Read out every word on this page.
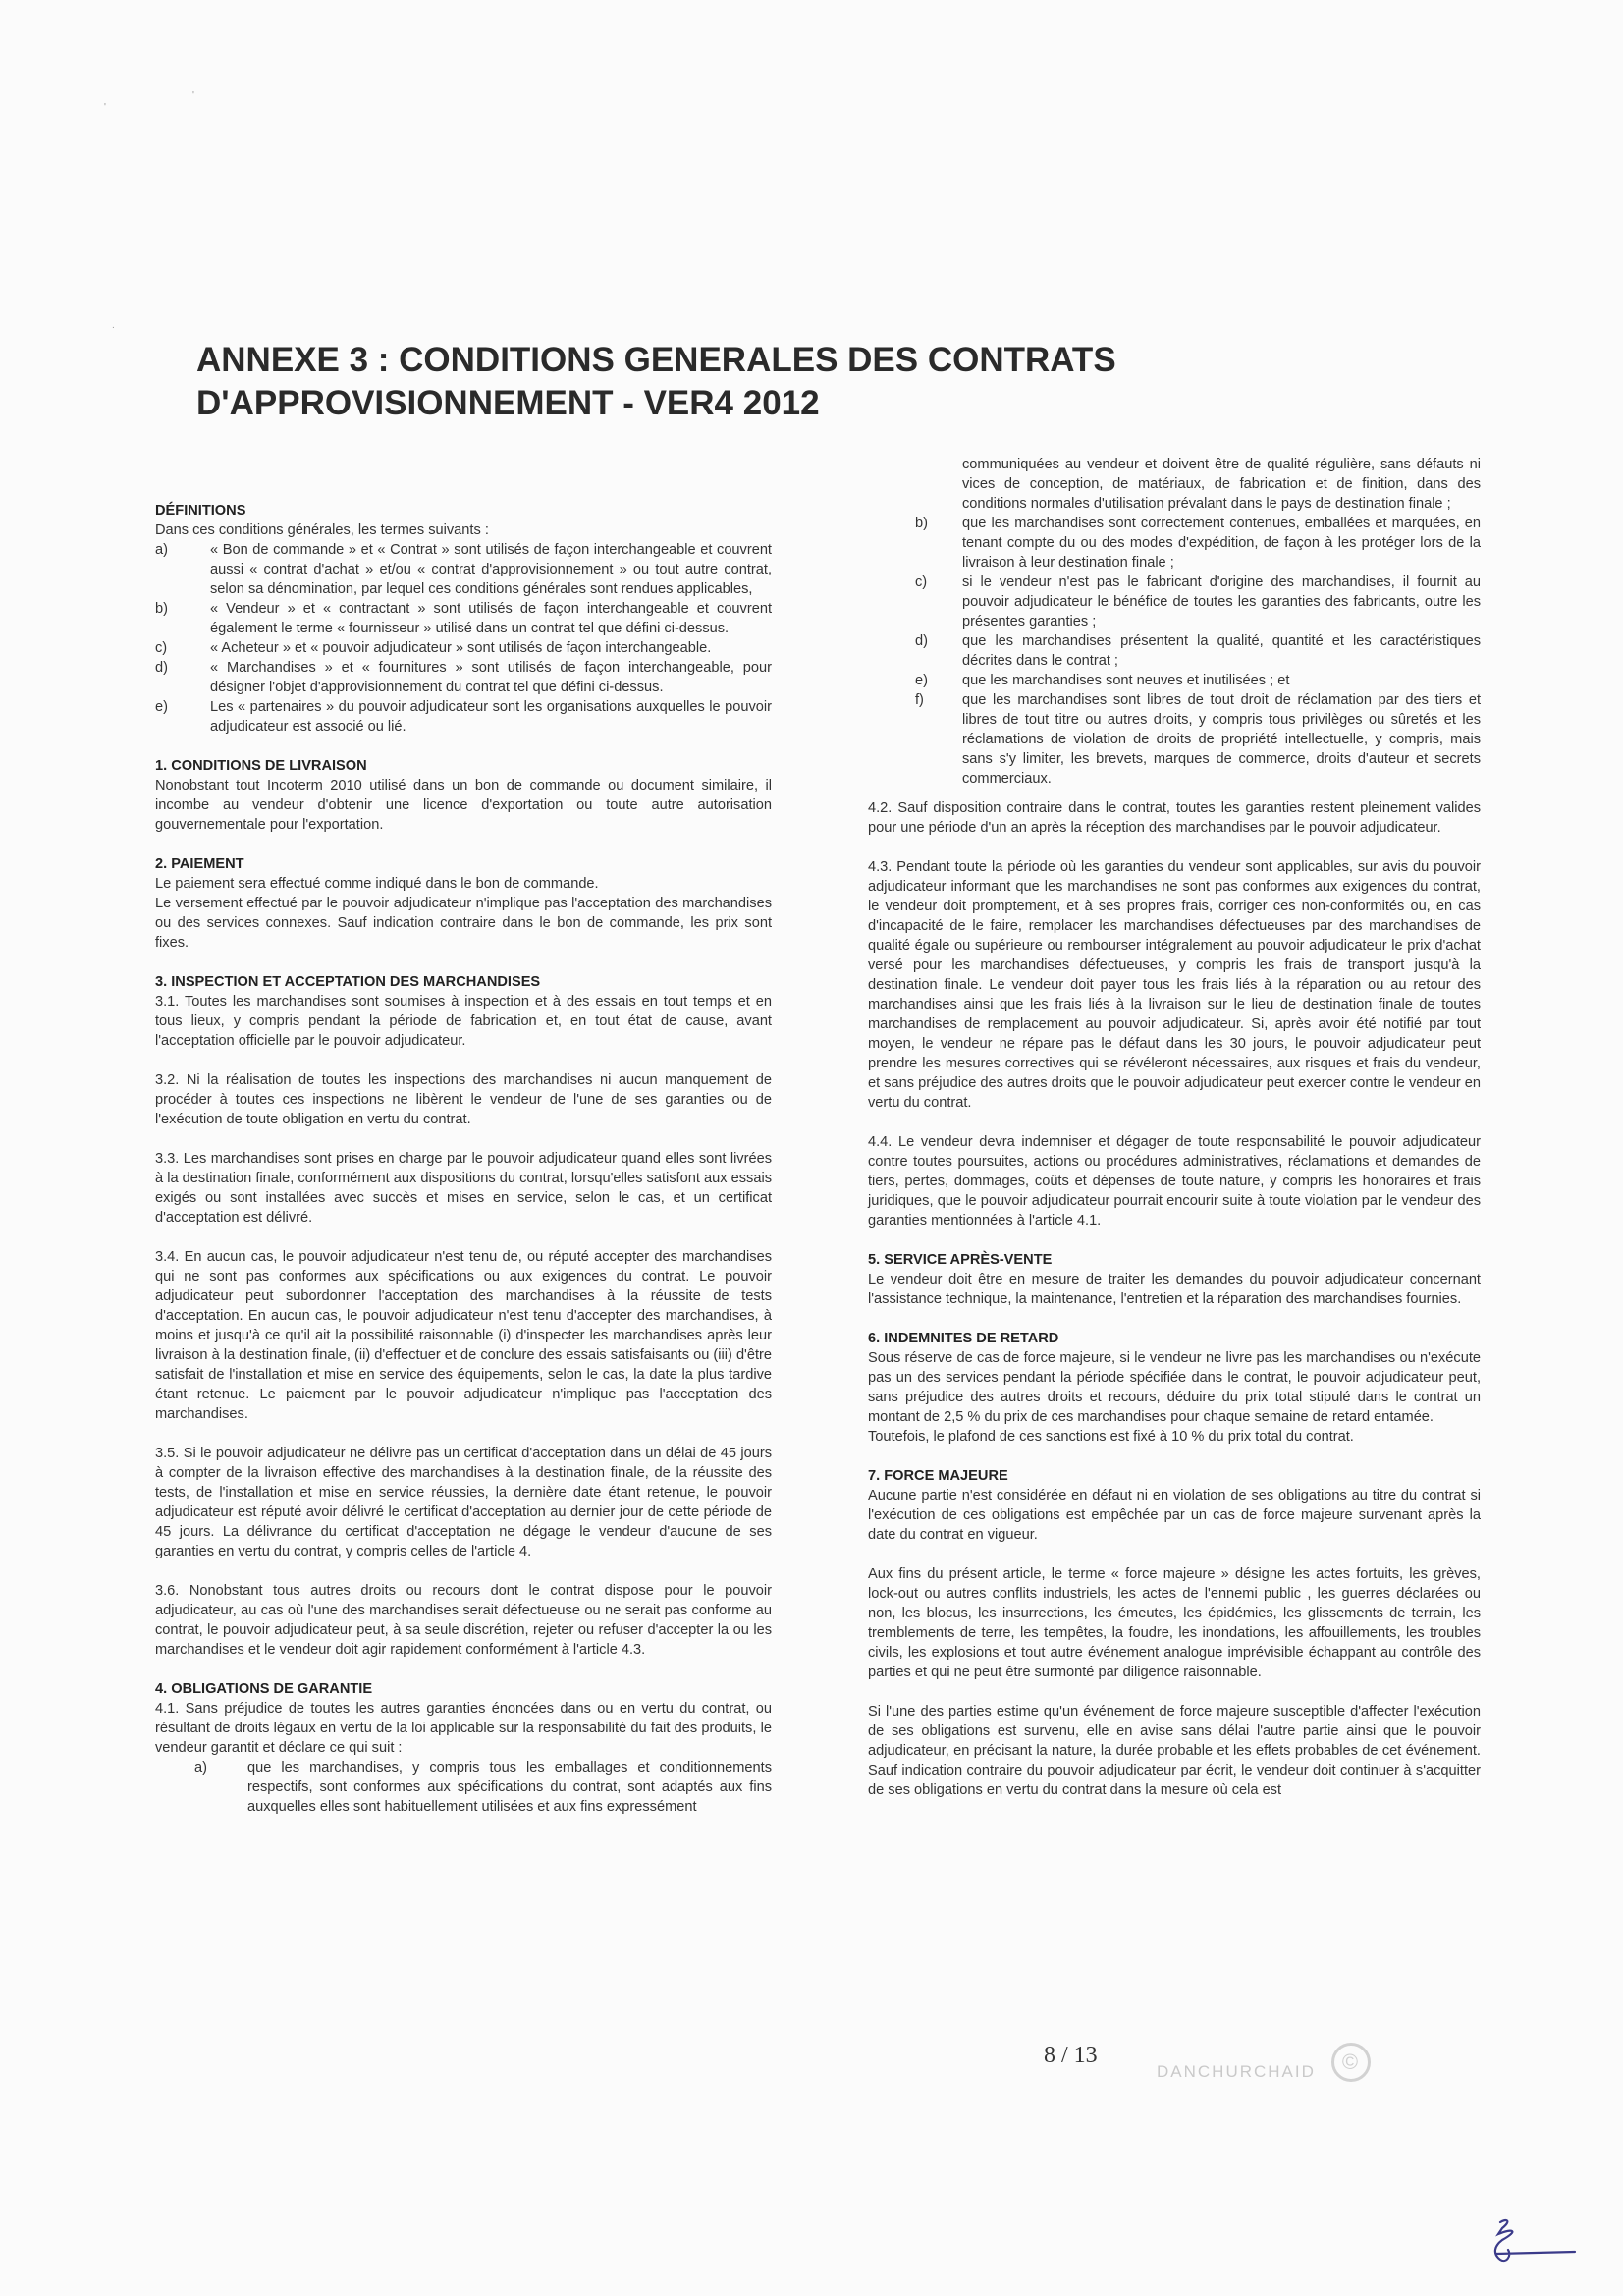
'
'
.
ANNEXE 3 : CONDITIONS GENERALES DES CONTRATS
D'APPROVISIONNEMENT - VER4 2012
DÉFINITIONS

Dans ces conditions générales, les termes suivants :

a)	« Bon de commande » et « Contrat » sont utilisés de façon interchangeable et couvrent aussi « contrat d'achat » et/ou « contrat d'approvisionnement » ou tout autre contrat, selon sa dénomination, par lequel ces conditions générales sont rendues applicables,
b)	« Vendeur » et « contractant » sont utilisés de façon interchangeable et couvrent également le terme « fournisseur » utilisé dans un contrat tel que défini ci-dessus.
c)	« Acheteur » et « pouvoir adjudicateur » sont utilisés de façon interchangeable.
d)	« Marchandises » et « fournitures » sont utilisés de façon interchangeable, pour désigner l'objet d'approvisionnement du contrat tel que défini ci-dessus.
e)	Les « partenaires » du pouvoir adjudicateur sont les organisations auxquelles le pouvoir adjudicateur est associé ou lié.
1. CONDITIONS DE LIVRAISON

Nonobstant tout Incoterm 2010 utilisé dans un bon de commande ou document similaire, il incombe au vendeur d'obtenir une licence d'exportation ou toute autre autorisation gouvernementale pour l'exportation.

2. PAIEMENT

Le paiement sera effectué comme indiqué dans le bon de commande.

Le versement effectué par le pouvoir adjudicateur n'implique pas l'acceptation des marchandises ou des services connexes. Sauf indication contraire dans le bon de commande, les prix sont fixes.

3. INSPECTION ET ACCEPTATION DES MARCHANDISES

3.1. Toutes les marchandises sont soumises à inspection et à des essais en tout temps et en tous lieux, y compris pendant la période de fabrication et, en tout état de cause, avant l'acceptation officielle par le pouvoir adjudicateur.

3.2. Ni la réalisation de toutes les inspections des marchandises ni aucun manquement de procéder à toutes ces inspections ne libèrent le vendeur de l'une de ses garanties ou de l'exécution de toute obligation en vertu du contrat.

3.3. Les marchandises sont prises en charge par le pouvoir adjudicateur quand elles sont livrées à la destination finale, conformément aux dispositions du contrat, lorsqu'elles satisfont aux essais exigés ou sont installées avec succès et mises en service, selon le cas, et un certificat d'acceptation est délivré.

3.4. En aucun cas, le pouvoir adjudicateur n'est tenu de, ou réputé accepter des marchandises qui ne sont pas conformes aux spécifications ou aux exigences du contrat. Le pouvoir adjudicateur peut subordonner l'acceptation des marchandises à la réussite de tests d'acceptation. En aucun cas, le pouvoir adjudicateur n'est tenu d'accepter des marchandises, à moins et jusqu'à ce qu'il ait la possibilité raisonnable (i) d'inspecter les marchandises après leur livraison à la destination finale, (ii) d'effectuer et de conclure des essais satisfaisants ou (iii) d'être satisfait de l'installation et mise en service des équipements, selon le cas, la date la plus tardive étant retenue. Le paiement par le pouvoir adjudicateur n'implique pas l'acceptation des marchandises.

3.5. Si le pouvoir adjudicateur ne délivre pas un certificat d'acceptation dans un délai de 45 jours à compter de la livraison effective des marchandises à la destination finale, de la réussite des tests, de l'installation et mise en service réussies, la dernière date étant retenue, le pouvoir adjudicateur est réputé avoir délivré le certificat d'acceptation au dernier jour de cette période de 45 jours. La délivrance du certificat d'acceptation ne dégage le vendeur d'aucune de ses garanties en vertu du contrat, y compris celles de l'article 4.

3.6. Nonobstant tous autres droits ou recours dont le contrat dispose pour le pouvoir adjudicateur, au cas où l'une des marchandises serait défectueuse ou ne serait pas conforme au contrat, le pouvoir adjudicateur peut, à sa seule discrétion, rejeter ou refuser d'accepter la ou les marchandises et le vendeur doit agir rapidement conformément à l'article 4.3.

4. OBLIGATIONS DE GARANTIE

4.1. Sans préjudice de toutes les autres garanties énoncées dans ou en vertu du contrat, ou résultant de droits légaux en vertu de la loi applicable sur la responsabilité du fait des produits, le vendeur garantit et déclare ce qui suit :

a)	que les marchandises, y compris tous les emballages et conditionnements respectifs, sont conformes aux spécifications du contrat, sont adaptés aux fins auxquelles elles sont habituellement utilisées et aux fins expressément

communiquées au vendeur et doivent être de qualité régulière, sans défauts ni vices de conception, de matériaux, de fabrication et de finition, dans des conditions normales d'utilisation prévalant dans le pays de destination finale ;

b)	que les marchandises sont correctement contenues, emballées et marquées, en tenant compte du ou des modes d'expédition, de façon à les protéger lors de la livraison à leur destination finale ;
c)	si le vendeur n'est pas le fabricant d'origine des marchandises, il fournit au pouvoir adjudicateur le bénéfice de toutes les garanties des fabricants, outre les présentes garanties ;
d)	que les marchandises présentent la qualité, quantité et les caractéristiques décrites dans le contrat ;
e)	que les marchandises sont neuves et inutilisées ; et
f)	que les marchandises sont libres de tout droit de réclamation par des tiers et libres de tout titre ou autres droits, y compris tous privilèges ou sûretés et les réclamations de violation de droits de propriété intellectuelle, y compris, mais sans s'y limiter, les brevets, marques de commerce, droits d'auteur et secrets commerciaux.

4.2. Sauf disposition contraire dans le contrat, toutes les garanties restent pleinement valides pour une période d'un an après la réception des marchandises par le pouvoir adjudicateur.

4.3. Pendant toute la période où les garanties du vendeur sont applicables, sur avis du pouvoir adjudicateur informant que les marchandises ne sont pas conformes aux exigences du contrat, le vendeur doit promptement, et à ses propres frais, corriger ces non-conformités ou, en cas d'incapacité de le faire, remplacer les marchandises défectueuses par des marchandises de qualité égale ou supérieure ou rembourser intégralement au pouvoir adjudicateur le prix d'achat versé pour les marchandises défectueuses, y compris les frais de transport jusqu'à la destination finale. Le vendeur doit payer tous les frais liés à la réparation ou au retour des marchandises ainsi que les frais liés à la livraison sur le lieu de destination finale de toutes marchandises de remplacement au pouvoir adjudicateur. Si, après avoir été notifié par tout moyen, le vendeur ne répare pas le défaut dans les 30 jours, le pouvoir adjudicateur peut prendre les mesures correctives qui se révéleront nécessaires, aux risques et frais du vendeur, et sans préjudice des autres droits que le pouvoir adjudicateur peut exercer contre le vendeur en vertu du contrat.

4.4. Le vendeur devra indemniser et dégager de toute responsabilité le pouvoir adjudicateur contre toutes poursuites, actions ou procédures administratives, réclamations et demandes de tiers, pertes, dommages, coûts et dépenses de toute nature, y compris les honoraires et frais juridiques, que le pouvoir adjudicateur pourrait encourir suite à toute violation par le vendeur des garanties mentionnées à l'article 4.1.

5. SERVICE APRÈS-VENTE

Le vendeur doit être en mesure de traiter les demandes du pouvoir adjudicateur concernant l'assistance technique, la maintenance, l'entretien et la réparation des marchandises fournies.

6. INDEMNITES DE RETARD

Sous réserve de cas de force majeure, si le vendeur ne livre pas les marchandises ou n'exécute pas un des services pendant la période spécifiée dans le contrat, le pouvoir adjudicateur peut, sans préjudice des autres droits et recours, déduire du prix total stipulé dans le contrat un montant de 2,5 % du prix de ces marchandises pour chaque semaine de retard entamée.

Toutefois, le plafond de ces sanctions est fixé à 10 % du prix total du contrat.

7. FORCE MAJEURE

Aucune partie n'est considérée en défaut ni en violation de ses obligations au titre du contrat si l'exécution de ces obligations est empêchée par un cas de force majeure survenant après la date du contrat en vigueur.

Aux fins du présent article, le terme « force majeure » désigne les actes fortuits, les grèves, lock-out ou autres conflits industriels, les actes de l'ennemi public , les guerres déclarées ou non, les blocus, les insurrections, les émeutes, les épidémies, les glissements de terrain, les tremblements de terre, les tempêtes, la foudre, les inondations, les affouillements, les troubles civils, les explosions et tout autre événement analogue imprévisible échappant au contrôle des parties et qui ne peut être surmonté par diligence raisonnable.

Si l'une des parties estime qu'un événement de force majeure susceptible d'affecter l'exécution de ses obligations est survenu, elle en avise sans délai l'autre partie ainsi que le pouvoir adjudicateur, en précisant la nature, la durée probable et les effets probables de cet événement. Sauf indication contraire du pouvoir adjudicateur par écrit, le vendeur doit continuer à s'acquitter de ses obligations en vertu du contrat dans la mesure où cela est

8 / 13
DANCHURCHAID	©
